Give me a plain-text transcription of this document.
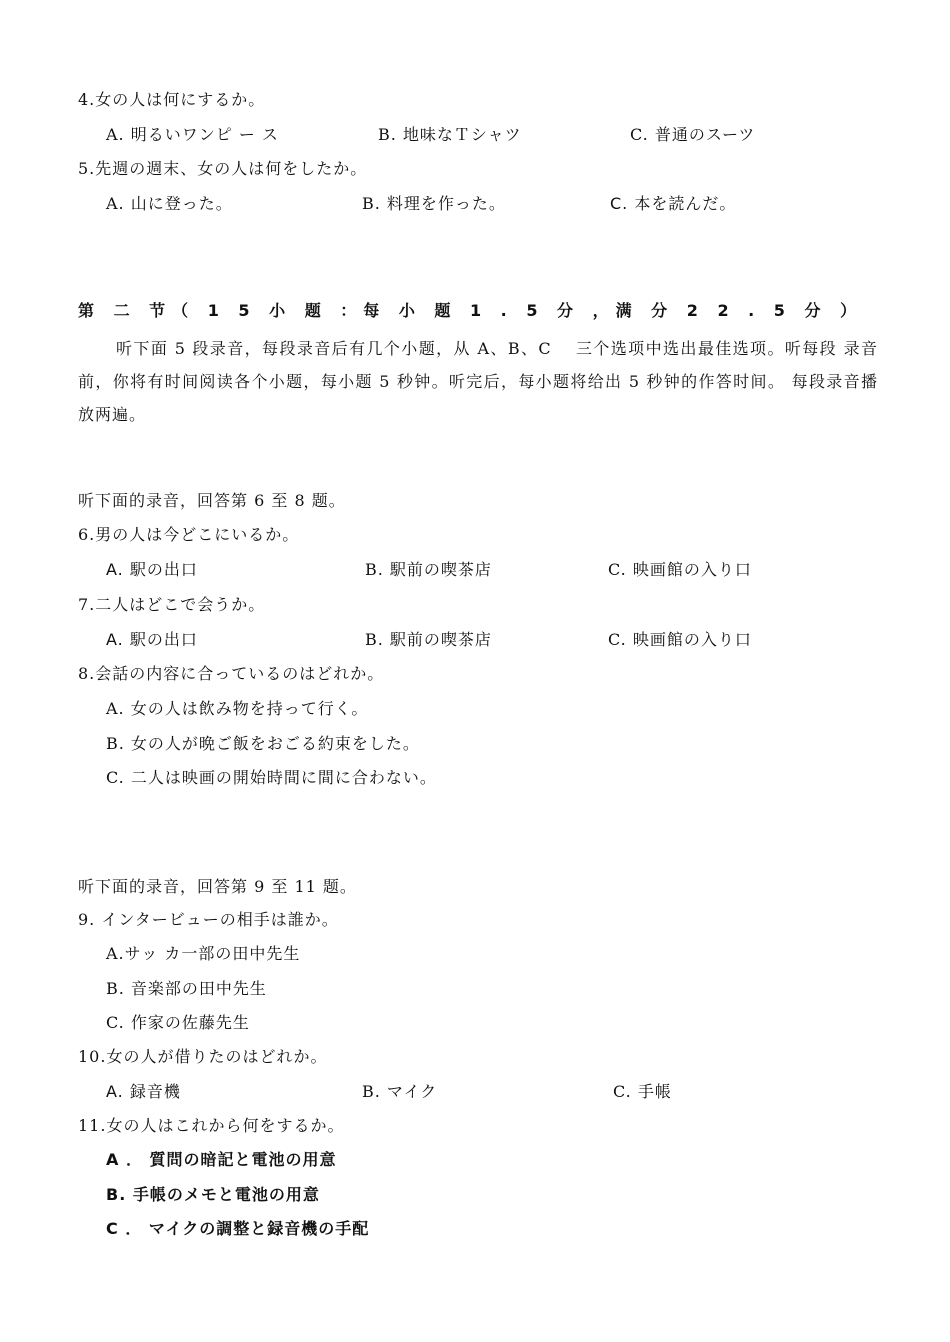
4.女の人は何にするか。
A. 明るいワンピ ー ス	B. 地味なＴシャツ	C. 普通のスーツ
5.先週の週末、女の人は何をしたか。
A. 山に登った。	B. 料理を作った。	C. 本を読んだ。
第 二 节（ 1 5 小 题 ：每 小 题 1 . 5 分 ，满 分 2 2 . 5 分 ）
听下面 5 段录音，每段录音后有几个小题，从 A、B、C　 三个选项中选出最佳选项。听每段 录音前，你将有时间阅读各个小题，每小题 5 秒钟。听完后，每小题将给出 5 秒钟的作答时间。 每段录音播放两遍。
听下面的录音，回答第 6 至 8 题。
6.男の人は今どこにいるか。
A. 駅の出口	B. 駅前の喫茶店	C. 映画館の入り口
7.二人はどこで会うか。
A. 駅の出口	B. 駅前の喫茶店	C. 映画館の入り口
8.会話の内容に合っているのはどれか。
A. 女の人は飲み物を持って行く。
B. 女の人が晩ご飯をおごる約束をした。
C. 二人は映画の開始時間に間に合わない。
听下面的录音，回答第 9 至 11 题。
9. インタービューの相手は誰か。
A.サッ カ一部の田中先生
B. 音楽部の田中先生
C. 作家の佐藤先生
10.女の人が借りたのはどれか。
A. 録音機	B. マイク	C. 手帳
11.女の人はこれから何をするか。
A ． 質問の暗記と電池の用意
B. 手帳のメモと電池の用意
C ． マイクの調整と録音機の手配
